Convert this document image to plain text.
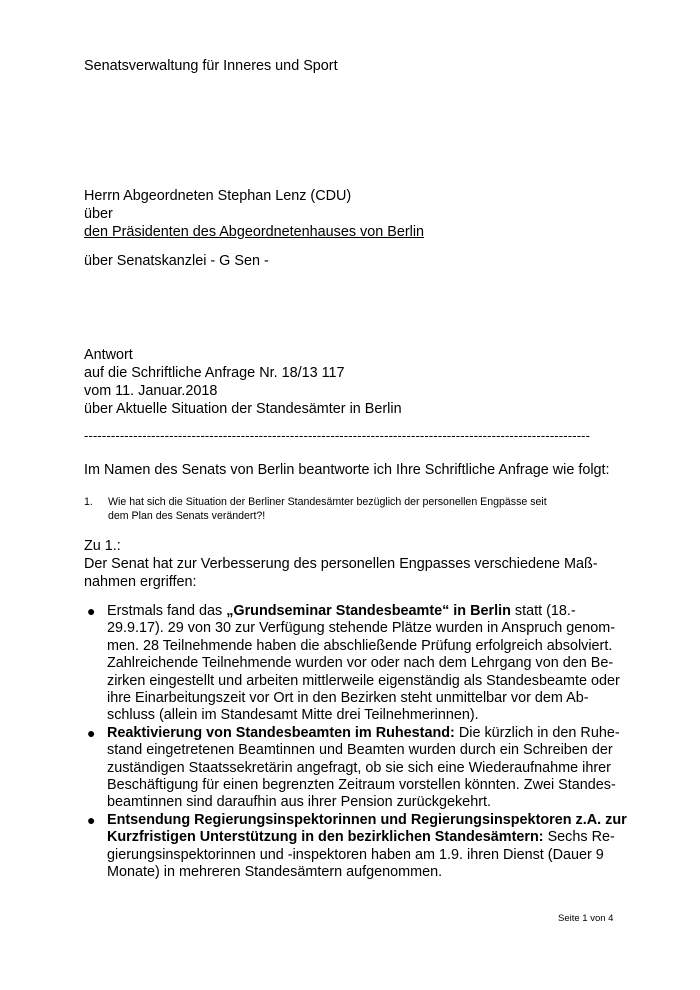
Senatsverwaltung für Inneres und Sport
Herrn Abgeordneten Stephan Lenz (CDU)
über
den Präsidenten des Abgeordnetenhauses von Berlin
über Senatskanzlei - G Sen -
Antwort
auf die Schriftliche Anfrage Nr. 18/13 117
vom 11. Januar.2018
über Aktuelle Situation der Standesämter in Berlin
-----------------------------------------------------------------------------------------------------------------
Im Namen des Senats von Berlin beantworte ich Ihre Schriftliche Anfrage wie folgt:
1. Wie hat sich die Situation der Berliner Standesämter bezüglich der personellen Engpässe seit
dem Plan des Senats verändert?!
Zu 1.:
Der Senat hat zur Verbesserung des personellen Engpasses verschiedene Maß-
nahmen ergriffen:
● Erstmals fand das „Grundseminar Standesbeamte“ in Berlin statt (18.-
29.9.17). 29 von 30 zur Verfügung stehende Plätze wurden in Anspruch genom-
men. 28 Teilnehmende haben die abschließende Prüfung erfolgreich absolviert.
Zahlreichende Teilnehmende wurden vor oder nach dem Lehrgang von den Be-
zirken eingestellt und arbeiten mittlerweile eigenständig als Standesbeamte oder
ihre Einarbeitungszeit vor Ort in den Bezirken steht unmittelbar vor dem Ab-
schluss (allein im Standesamt Mitte drei Teilnehmerinnen).
● Reaktivierung von Standesbeamten im Ruhestand: Die kürzlich in den Ruhe-
stand eingetretenen Beamtinnen und Beamten wurden durch ein Schreiben der
zuständigen Staatssekretärin angefragt, ob sie sich eine Wiederaufnahme ihrer
Beschäftigung für einen begrenzten Zeitraum vorstellen könnten. Zwei Standes-
beamtinnen sind daraufhin aus ihrer Pension zurückgekehrt.
● Entsendung Regierungsinspektorinnen und Regierungsinspektoren z.A. zur
Kurzfristigen Unterstützung in den bezirklichen Standesämtern: Sechs Re-
gierungsinspektorinnen und -inspektoren haben am 1.9. ihren Dienst (Dauer 9
Monate) in mehreren Standesämtern aufgenommen.
Seite 1 von 4
